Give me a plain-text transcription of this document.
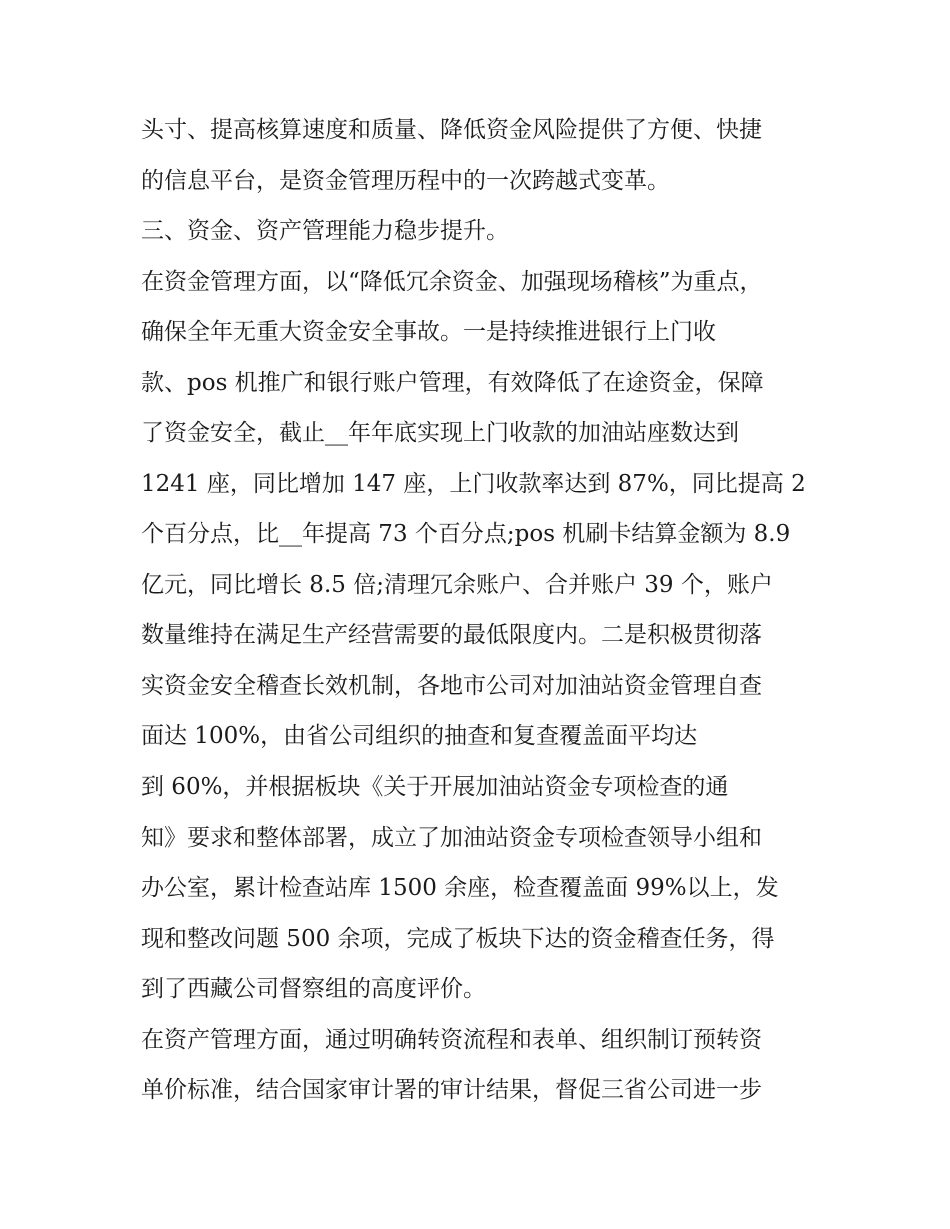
头寸、提高核算速度和质量、降低资金风险提供了方便、快捷
的信息平台，是资金管理历程中的一次跨越式变革。
三、资金、资产管理能力稳步提升。
在资金管理方面，以“降低冗余资金、加强现场稽核”为重点，
确保全年无重大资金安全事故。一是持续推进银行上门收
款、pos 机推广和银行账户管理，有效降低了在途资金，保障
了资金安全，截止__年年底实现上门收款的加油站座数达到
1241 座，同比增加 147 座，上门收款率达到 87%，同比提高 2
个百分点，比__年提高 73 个百分点;pos 机刷卡结算金额为 8.9
亿元，同比增长 8.5 倍;清理冗余账户、合并账户 39 个，账户
数量维持在满足生产经营需要的最低限度内。二是积极贯彻落
实资金安全稽查长效机制，各地市公司对加油站资金管理自查
面达 100%，由省公司组织的抽查和复查覆盖面平均达
到 60%，并根据板块《关于开展加油站资金专项检查的通
知》要求和整体部署，成立了加油站资金专项检查领导小组和
办公室，累计检查站库 1500 余座，检查覆盖面 99%以上，发
现和整改问题 500 余项，完成了板块下达的资金稽查任务，得
到了西藏公司督察组的高度评价。
在资产管理方面，通过明确转资流程和表单、组织制订预转资
单价标准，结合国家审计署的审计结果，督促三省公司进一步
